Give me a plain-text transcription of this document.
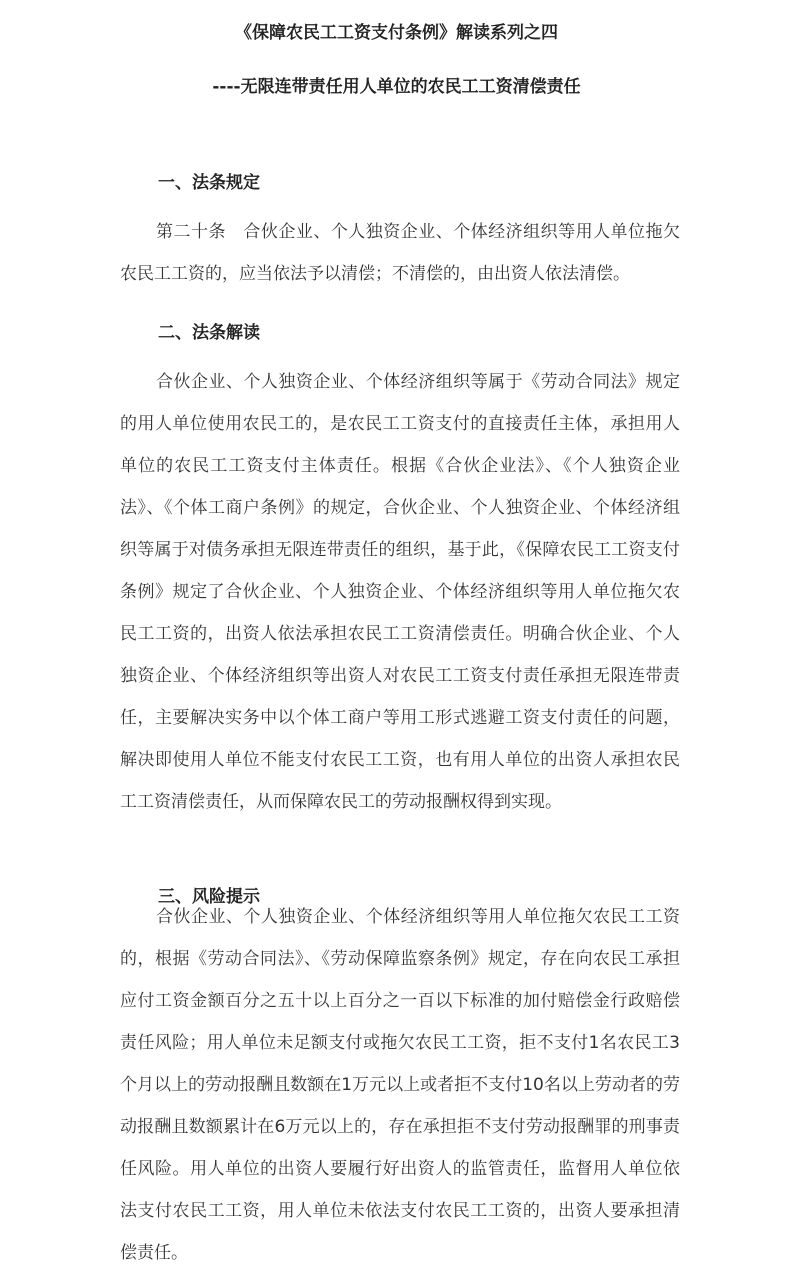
《保障农民工工资支付条例》解读系列之四
----无限连带责任用人单位的农民工工资清偿责任
一、法条规定

第二十条　合伙企业、个人独资企业、个体经济组织等用人单位拖欠农民工工资的，应当依法予以清偿；不清偿的，由出资人依法清偿。

二、法条解读

合伙企业、个人独资企业、个体经济组织等属于《劳动合同法》规定的用人单位使用农民工的，是农民工工资支付的直接责任主体，承担用人单位的农民工工资支付主体责任。根据《合伙企业法》、《个人独资企业法》、《个体工商户条例》的规定，合伙企业、个人独资企业、个体经济组织等属于对债务承担无限连带责任的组织，基于此，《保障农民工工资支付条例》规定了合伙企业、个人独资企业、个体经济组织等用人单位拖欠农民工工资的，出资人依法承担农民工工资清偿责任。明确合伙企业、个人独资企业、个体经济组织等出资人对农民工工资支付责任承担无限连带责任，主要解决实务中以个体工商户等用工形式逃避工资支付责任的问题，解决即使用人单位不能支付农民工工资，也有用人单位的出资人承担农民工工资清偿责任，从而保障农民工的劳动报酬权得到实现。

三、风险提示

合伙企业、个人独资企业、个体经济组织等用人单位拖欠农民工工资的，根据《劳动合同法》、《劳动保障监察条例》规定，存在向农民工承担应付工资金额百分之五十以上百分之一百以下标准的加付赔偿金行政赔偿责任风险；用人单位未足额支付或拖欠农民工工资，拒不支付1名农民工3个月以上的劳动报酬且数额在1万元以上或者拒不支付10名以上劳动者的劳动报酬且数额累计在6万元以上的，存在承担拒不支付劳动报酬罪的刑事责任风险。用人单位的出资人要履行好出资人的监管责任，监督用人单位依法支付农民工工资，用人单位未依法支付农民工工资的，出资人要承担清偿责任。
